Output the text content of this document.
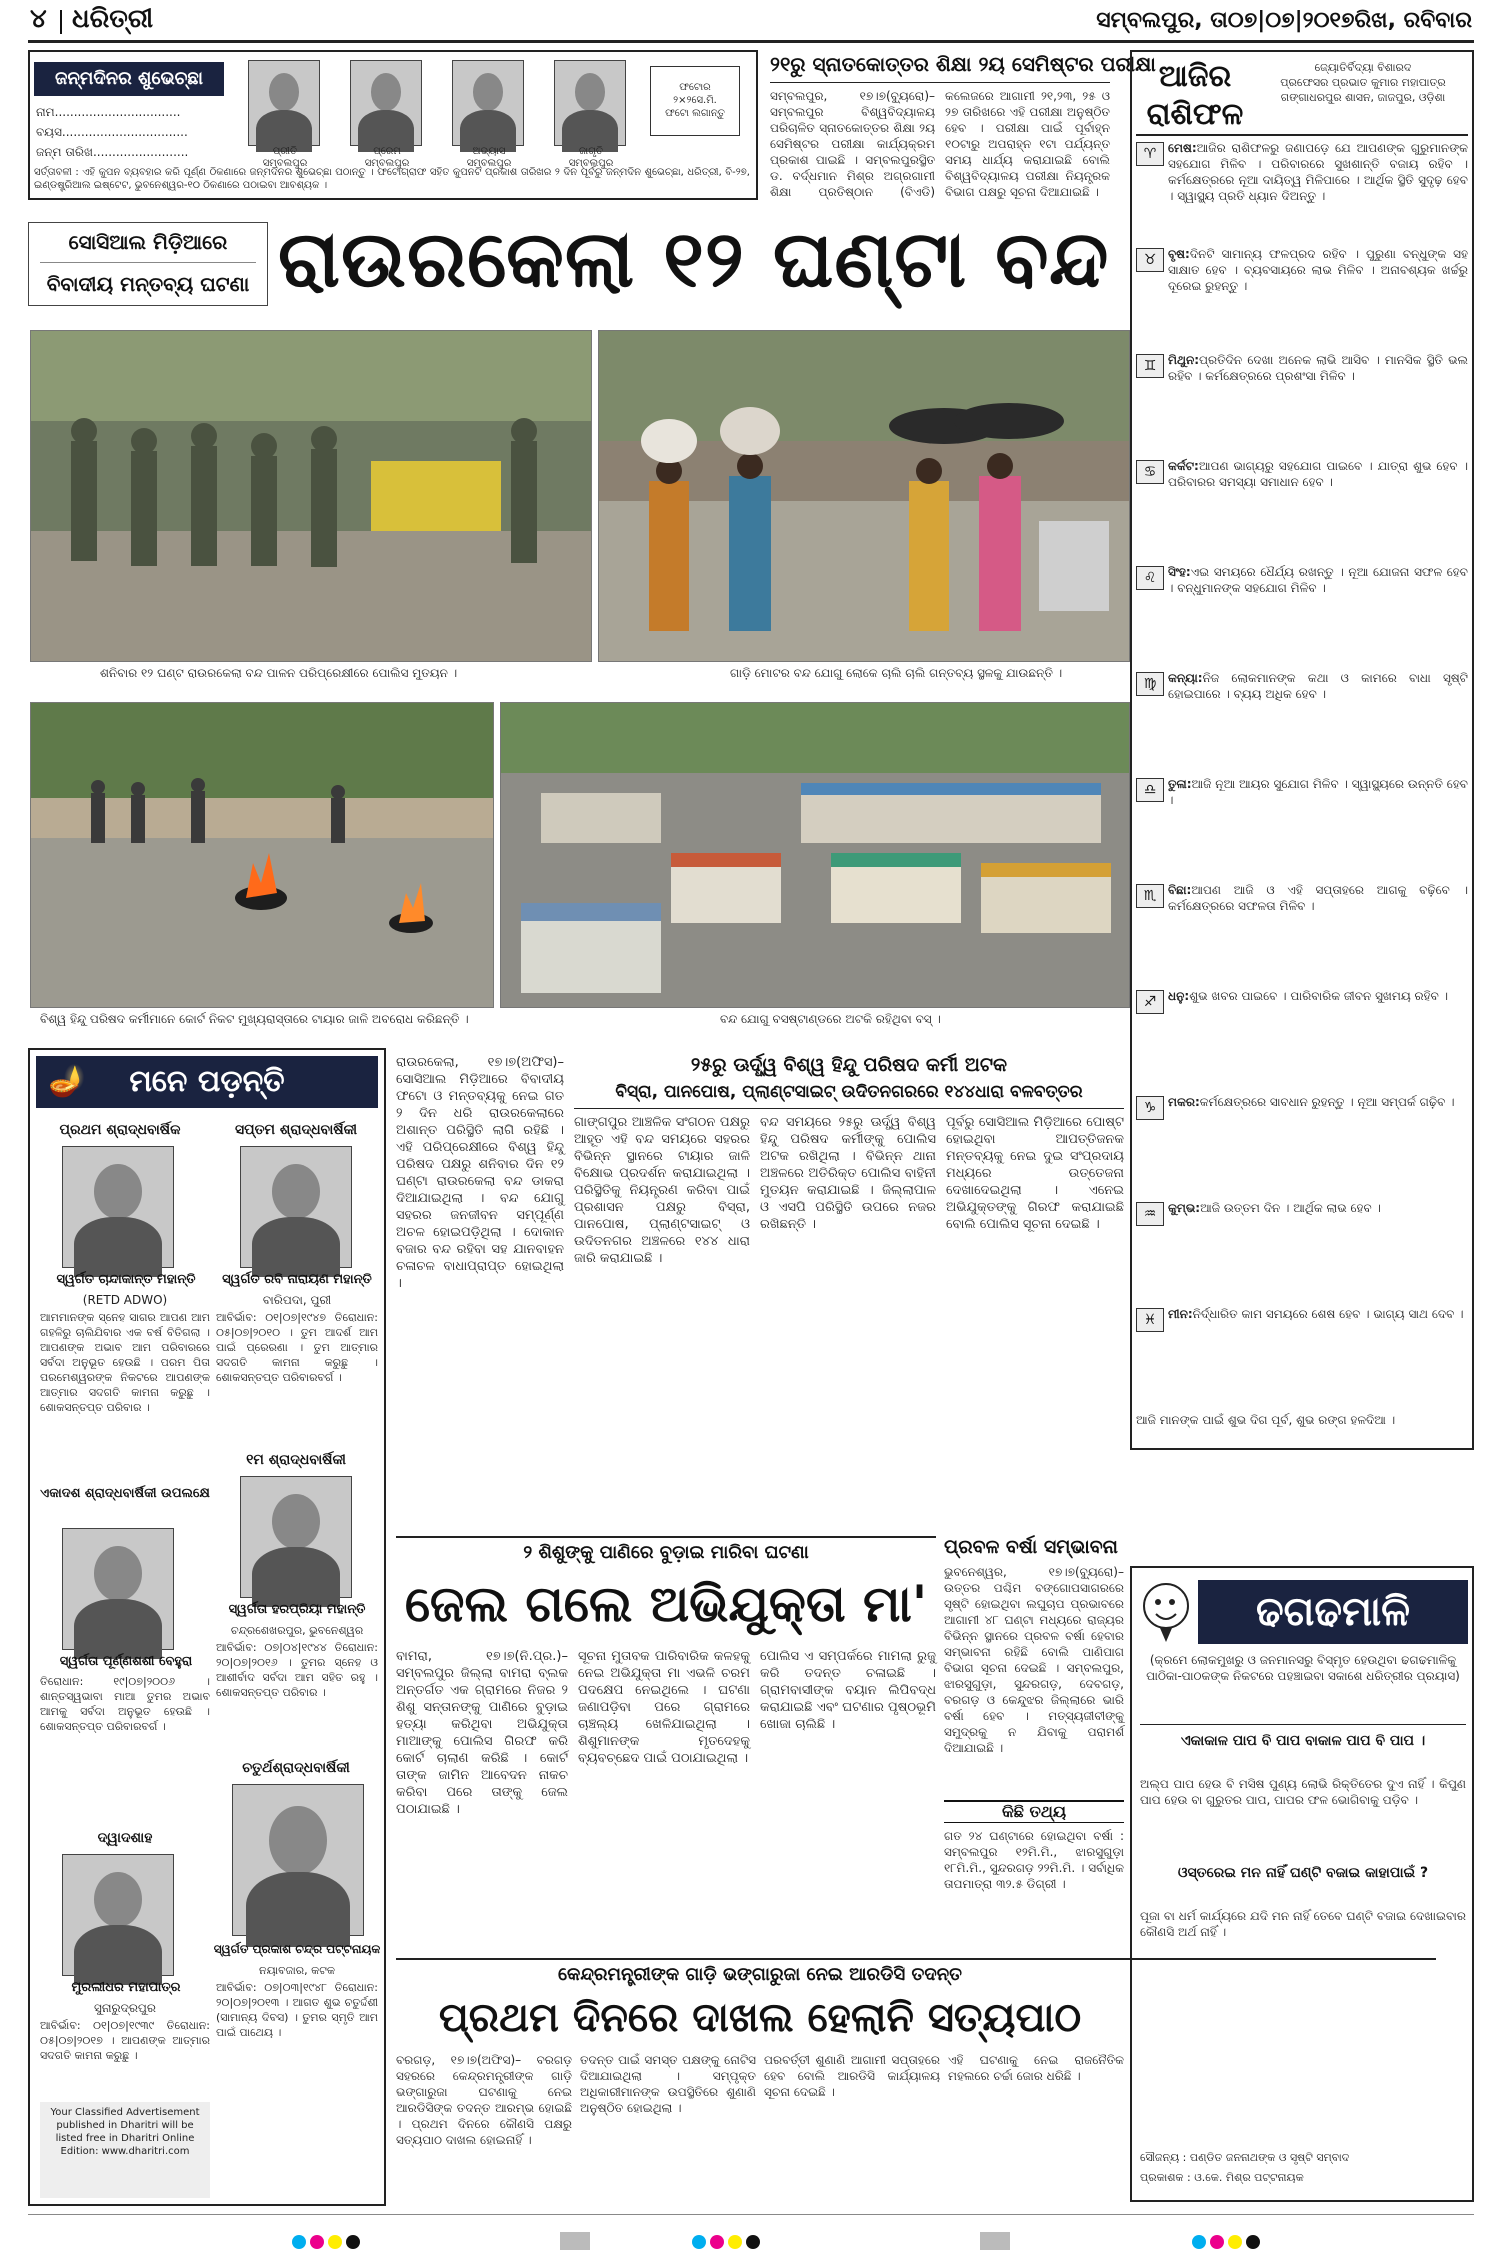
୪ ଧରିତ୍ରୀ	ସମ୍ବଲପୁର, ତା୦୭|୦୭|୨୦୧୭ରିଖ, ରବିବାର
ଜନ୍ମଦିନର ଶୁଭେଚ୍ଛା
ନାମ.................................
ବୟସ.................................
ଜନ୍ମ ତାରିଖ.........................	ପ୍ରୀତି
ସମ୍ବଲପୁର
ପ୍ରେମ
ସମ୍ବଲପୁର
ଅଭ୍ୟାସ
ସମ୍ବଲପୁର
ଜାଗୃତି
ସମ୍ବଲପୁର
ଫଟୋର
୨×୨ସେ.ମି.
ଫଟୋ ଲଗାନ୍ତୁ
ସର୍ତ୍ତାବଳୀ : ଏହି କୁପନ ବ୍ୟବହାର କରି ପୂର୍ଣ୍ଣ ଠିକଣାରେ ଜନ୍ମଦିନର ଶୁଭେଚ୍ଛା ପଠାନ୍ତୁ । ଫଟୋଗ୍ରାଫ ସହିତ କୁପନଟି ପ୍ରକାଶ ତାରିଖର ୨ ଦିନ ପୂର୍ବରୁ ଜନ୍ମଦିନ ଶୁଭେଚ୍ଛା, ଧରିତ୍ରୀ, ବି-୨୭, ଇଣ୍ଡଷ୍ଟ୍ରିଆଲ ଇଷ୍ଟେଟ, ଭୁବନେଶ୍ୱର-୧୦ ଠିକଣାରେ ପଠାଇବା ଆବଶ୍ୟକ ।
୨୧ରୁ ସ୍ନାତକୋତ୍ତର ଶିକ୍ଷା ୨ୟ ସେମିଷ୍ଟର ପରୀକ୍ଷା
ସମ୍ବଲପୁର, ୧୭।୭(ବ୍ୟୁରୋ)– ସମ୍ବଲପୁର ବିଶ୍ୱବିଦ୍ୟାଳୟ ପରିଚାଳିତ ସ୍ନାତକୋତ୍ତର ଶିକ୍ଷା ୨ୟ ସେମିଷ୍ଟର ପରୀକ୍ଷା କାର୍ଯ୍ୟକ୍ରମ ପ୍ରକାଶ ପାଇଛି । ସମ୍ବଲପୁରସ୍ଥିତ ଡ. ବର୍ଦ୍ଧମାନ ମିଶ୍ର ଅଗ୍ରଗାମୀ ଶିକ୍ଷା ପ୍ରତିଷ୍ଠାନ (ବିଏଡି) କଲେଜରେ ଆଗାମୀ ୨୧,୨୩, ୨୫ ଓ ୨୭ ତାରିଖରେ ଏହି ପରୀକ୍ଷା ଅନୁଷ୍ଠିତ ହେବ । ପରୀକ୍ଷା ପାଇଁ ପୂର୍ବାହ୍ନ ୧୦ଟାରୁ ଅପରାହ୍ନ ୧ଟା ପର୍ଯ୍ୟନ୍ତ ସମୟ ଧାର୍ଯ୍ୟ କରାଯାଇଛି ବୋଲି ବିଶ୍ୱବିଦ୍ୟାଳୟ ପରୀକ୍ଷା ନିୟନ୍ତ୍ରକ ବିଭାଗ ପକ୍ଷରୁ ସୂଚନା ଦିଆଯାଇଛି ।
ସୋସିଆଲ ମିଡ଼ିଆରେ
ବିବାଦୀୟ ମନ୍ତବ୍ୟ ଘଟଣା ରାଉରକେଲା ୧୨ ଘଣ୍ଟା ବନ୍ଦ
ଶନିବାର ୧୨ ଘଣ୍ଟ ରାଉରକେଲା ବନ୍ଦ ପାଳନ ପରିପ୍ରେକ୍ଷୀରେ ପୋଲିସ ମୁତୟନ ।	ଗାଡ଼ି ମୋଟର ବନ୍ଦ ଯୋଗୁ ଲୋକେ ଚାଲି ଚାଲି ଗନ୍ତବ୍ୟ ସ୍ଥଳକୁ ଯାଉଛନ୍ତି ।
ବିଶ୍ୱ ହିନ୍ଦୁ ପରିଷଦ କର୍ମୀମାନେ କୋର୍ଟ ନିକଟ ମୁଖ୍ୟରାସ୍ତାରେ ଟାୟାର ଜାଳି ଅବରୋଧ କରିଛନ୍ତି ।	ବନ୍ଦ ଯୋଗୁ ବସଷ୍ଟାଣ୍ଡରେ ଅଟକି ରହିଥିବା ବସ୍ ।
ଆଜିର ରାଶିଫଳ
ଜ୍ୟୋତିର୍ବିଦ୍ୟା ବିଶାରଦ
ପ୍ରଫେସର ପ୍ରଭାତ କୁମାର ମହାପାତ୍ର
ଗଙ୍ଗାଧରପୁର ଶାସନ, ଜାଜପୁର, ଓଡ଼ିଶା
♈ ମେଷ:ଆଜିର ରାଶିଫଳରୁ ଜଣାପଡ଼େ ଯେ ଆପଣଙ୍କ ଗୁରୁମାନଙ୍କ ସହଯୋଗ ମିଳିବ । ପରିବାରରେ ସୁଖଶାନ୍ତି ବଜାୟ ରହିବ । କର୍ମକ୍ଷେତ୍ରରେ ନୂଆ ଦାୟିତ୍ୱ ମିଳିପାରେ । ଆର୍ଥିକ ସ୍ଥିତି ସୁଦୃଢ଼ ହେବ । ସ୍ୱାସ୍ଥ୍ୟ ପ୍ରତି ଧ୍ୟାନ ଦିଅନ୍ତୁ ।
♉ ବୃଷ:ଦିନଟି ସାମାନ୍ୟ ଫଳପ୍ରଦ ରହିବ । ପୁରୁଣା ବନ୍ଧୁଙ୍କ ସହ ସାକ୍ଷାତ ହେବ । ବ୍ୟବସାୟରେ ଲାଭ ମିଳିବ । ଅନାବଶ୍ୟକ ଖର୍ଚ୍ଚରୁ ଦୂରେଇ ରୁହନ୍ତୁ ।
♊ ମିଥୁନ:ପ୍ରତିଦିନ ଦେଖା ଅନେକ ଲାଭି ଆସିବ । ମାନସିକ ସ୍ଥିତି ଭଲ ରହିବ । କର୍ମକ୍ଷେତ୍ରରେ ପ୍ରଶଂସା ମିଳିବ ।
♋ କର୍କଟ:ଆପଣ ଭାଗ୍ୟରୁ ସହଯୋଗ ପାଇବେ । ଯାତ୍ରା ଶୁଭ ହେବ । ପରିବାରର ସମସ୍ୟା ସମାଧାନ ହେବ ।
♌ ସିଂହ:ଏଇ ସମୟରେ ଧୈର୍ଯ୍ୟ ରଖନ୍ତୁ । ନୂଆ ଯୋଜନା ସଫଳ ହେବ । ବନ୍ଧୁମାନଙ୍କ ସହଯୋଗ ମିଳିବ ।
♍ କନ୍ୟା:ନିଜ ଲୋକମାନଙ୍କ କଥା ଓ କାମରେ ବାଧା ସୃଷ୍ଟି ହୋଇପାରେ । ବ୍ୟୟ ଅଧିକ ହେବ ।
♎ ତୁଳା:ଆଜି ନୂଆ ଆୟର ସୁଯୋଗ ମିଳିବ । ସ୍ୱାସ୍ଥ୍ୟରେ ଉନ୍ନତି ହେବ ।
♏ ବିଛା:ଆପଣ ଆଜି ଓ ଏହି ସପ୍ତାହରେ ଆଗକୁ ବଢ଼ିବେ । କର୍ମକ୍ଷେତ୍ରରେ ସଫଳତା ମିଳିବ ।
♐ ଧନୁ:ଶୁଭ ଖବର ପାଇବେ । ପାରିବାରିକ ଜୀବନ ସୁଖମୟ ରହିବ ।
♑ ମକର:କର୍ମକ୍ଷେତ୍ରରେ ସାବଧାନ ରୁହନ୍ତୁ । ନୂଆ ସମ୍ପର୍କ ଗଢ଼ିବ ।
♒ କୁମ୍ଭ:ଆଜି ଉତ୍ତମ ଦିନ । ଆର୍ଥିକ ଲାଭ ହେବ ।
♓ ମୀନ:ନିର୍ଦ୍ଧାରିତ କାମ ସମୟରେ ଶେଷ ହେବ । ଭାଗ୍ୟ ସାଥ ଦେବ ।
ଆଜି ମାନଙ୍କ ପାଇଁ ଶୁଭ ଦିଗ ପୂର୍ବ, ଶୁଭ ରଙ୍ଗ ହଳଦିଆ ।
🪔 ମନେ ପଡ଼ନ୍ତି
ପ୍ରଥମ ଶ୍ରାଦ୍ଧବାର୍ଷିକ
ସ୍ୱର୍ଗତ ଚାନ୍ଦାକାନ୍ତ ମହାନ୍ତି
(RETD ADWO)
ଆମମାନଙ୍କ ସ୍ନେହ ସାଗର ଆପଣ ଆମ ଗହଳିରୁ ଚାଲିଯିବାର ଏକ ବର୍ଷ ବିତିଗଲା । ଆପଣଙ୍କ ଅଭାବ ଆମ ପରିବାରରେ ସର୍ବଦା ଅନୁଭୂତ ହେଉଛି । ପରମ ପିତା ପରମେଶ୍ୱରଙ୍କ ନିକଟରେ ଆପଣଙ୍କ ଆତ୍ମାର ସଦଗତି କାମନା କରୁଛୁ । ଶୋକସନ୍ତପ୍ତ ପରିବାର ।
ସପ୍ତମ ଶ୍ରାଦ୍ଧବାର୍ଷିକୀ
ସ୍ୱର୍ଗତ ରବି ନାରାୟଣ ମହାନ୍ତି
ବାରିପଦା, ପୁରୀ
ଆବିର୍ଭାବ: ୦୧|୦୭|୧୯୪୭ ତିରୋଧାନ: ୦୫|୦୭|୨୦୧୦ । ତୁମ ଆଦର୍ଶ ଆମ ପାଇଁ ପ୍ରେରଣା । ତୁମ ଆତ୍ମାର ସଦଗତି କାମନା କରୁଛୁ । ଶୋକସନ୍ତପ୍ତ ପରିବାରବର୍ଗ ।
ଏକାଦଶ ଶ୍ରାଦ୍ଧବାର୍ଷିକୀ ଉପଲକ୍ଷେ
ସ୍ୱର୍ଗତା ପୂର୍ଣ୍ଣଶଶୀ ବେହୁରା
ତିରୋଧାନ: ୧୯|୦୭|୨୦୦୬ । ଶାନ୍ତସ୍ୱଭାବା ମାଆ ତୁମର ଅଭାବ ଆମକୁ ସର୍ବଦା ଅନୁଭୂତ ହେଉଛି । ଶୋକସନ୍ତପ୍ତ ପରିବାରବର୍ଗ ।
୧ମ ଶ୍ରାଦ୍ଧବାର୍ଷିକୀ
ସ୍ୱର୍ଗତା ହରପ୍ରିୟା ମହାନ୍ତି
ଚନ୍ଦ୍ରଶେଖରପୁର, ଭୁବନେଶ୍ୱର
ଆବିର୍ଭାବ: ୦୭|୦୪|୧୯୪୪ ତିରୋଧାନ: ୨୦|୦୭|୨୦୧୬ । ତୁମର ସ୍ନେହ ଓ ଆଶୀର୍ବାଦ ସର୍ବଦା ଆମ ସହିତ ରହୁ । ଶୋକସନ୍ତପ୍ତ ପରିବାର ।
ଦ୍ୱାଦଶାହ
ମୁରଲୀଧର ମହାପାତ୍ର
ସୁନାରୁଦ୍ରପୁର
ଆବିର୍ଭାବ: ୦୧|୦୭|୧୯୩୯ ତିରୋଧାନ: ୦୫|୦୭|୨୦୧୭ । ଆପଣଙ୍କ ଆତ୍ମାର ସଦଗତି କାମନା କରୁଛୁ ।
ଚତୁର୍ଥଶ୍ରାଦ୍ଧବାର୍ଷିକୀ
ସ୍ୱର୍ଗତ ପ୍ରକାଶ ଚନ୍ଦ୍ର ପଟ୍ଟନାୟକ
ନୟାବଜାର, କଟକ
ଆବିର୍ଭାବ: ୦୭|୦୩|୧୯୪୮ ତିରୋଧାନ: ୨୦|୦୭|୨୦୧୩ । ଆଗତ ଶୁଭ ଚତୁର୍ଦ୍ଦଶୀ (ସାମାନ୍ୟ ଦିବସ) । ତୁମର ସ୍ମୃତି ଆମ ପାଇଁ ପାଥେୟ ।
Your Classified Advertisement published in Dharitri will be listed free in Dharitri Online Edition: www.dharitri.com
ରାଉରକେଲା, ୧୭।୭(ଅଫିସ)– ସୋସିଆଲ ମିଡ଼ିଆରେ ବିବାଦୀୟ ଫଟୋ ଓ ମନ୍ତବ୍ୟକୁ ନେଇ ଗତ ୨ ଦିନ ଧରି ରାଉରକେଲାରେ ଅଶାନ୍ତ ପରିସ୍ଥିତି ଲାଗି ରହିଛି । ଏହି ପରିପ୍ରେକ୍ଷୀରେ ବିଶ୍ୱ ହିନ୍ଦୁ ପରିଷଦ ପକ୍ଷରୁ ଶନିବାର ଦିନ ୧୨ ଘଣ୍ଟା ରାଉରକେଲା ବନ୍ଦ ଡାକରା ଦିଆଯାଇଥିଲା । ବନ୍ଦ ଯୋଗୁ ସହରର ଜନଜୀବନ ସମ୍ପୂର୍ଣ୍ଣ ଅଚଳ ହୋଇପଡ଼ିଥିଲା । ଦୋକାନ ବଜାର ବନ୍ଦ ରହିବା ସହ ଯାନବାହନ ଚଳାଚଳ ବାଧାପ୍ରାପ୍ତ ହୋଇଥିଲା ।
୨୫ରୁ ଊର୍ଦ୍ଧ୍ୱ ବିଶ୍ୱ ହିନ୍ଦୁ ପରିଷଦ କର୍ମୀ ଅଟକ
ବିସ୍ରା, ପାନପୋଷ, ପ୍ଲାଣ୍ଟସାଇଟ୍ ଉଦିତନଗରରେ ୧୪୪ଧାରା ବଳବତ୍ତର
ଗାଙ୍ଗପୁର ଆଞ୍ଚଳିକ ସଂଗଠନ ପକ୍ଷରୁ ଆହୂତ ଏହି ବନ୍ଦ ସମୟରେ ସହରର ବିଭିନ୍ନ ସ୍ଥାନରେ ଟାୟାର ଜାଳି ବିକ୍ଷୋଭ ପ୍ରଦର୍ଶନ କରାଯାଇଥିଲା । ପରିସ୍ଥିତିକୁ ନିୟନ୍ତ୍ରଣ କରିବା ପାଇଁ ପ୍ରଶାସନ ପକ୍ଷରୁ ବିସ୍ରା, ପାନପୋଷ, ପ୍ଲାଣ୍ଟସାଇଟ୍ ଓ ଉଦିତନଗର ଅଞ୍ଚଳରେ ୧୪୪ ଧାରା ଜାରି କରାଯାଇଛି ।
ବନ୍ଦ ସମୟରେ ୨୫ରୁ ଊର୍ଦ୍ଧ୍ୱ ବିଶ୍ୱ ହିନ୍ଦୁ ପରିଷଦ କର୍ମୀଙ୍କୁ ପୋଲିସ ଅଟକ ରଖିଥିଲା । ବିଭିନ୍ନ ଥାନା ଅଞ୍ଚଳରେ ଅତିରିକ୍ତ ପୋଲିସ ବାହିନୀ ମୁତୟନ କରାଯାଇଛି । ଜିଲ୍ଲାପାଳ ଓ ଏସପି ପରିସ୍ଥିତି ଉପରେ ନଜର ରଖିଛନ୍ତି ।
ପୂର୍ବରୁ ସୋସିଆଲ ମିଡ଼ିଆରେ ପୋଷ୍ଟ ହୋଇଥିବା ଆପତ୍ତିଜନକ ମନ୍ତବ୍ୟକୁ ନେଇ ଦୁଇ ସଂପ୍ରଦାୟ ମଧ୍ୟରେ ଉତ୍ତେଜନା ଦେଖାଦେଇଥିଲା । ଏନେଇ ଅଭିଯୁକ୍ତଙ୍କୁ ଗିରଫ କରାଯାଇଛି ବୋଲି ପୋଲିସ ସୂଚନା ଦେଇଛି ।
୨ ଶିଶୁଙ୍କୁ ପାଣିରେ ବୁଡ଼ାଇ ମାରିବା ଘଟଣା
ଜେଲ ଗଲେ ଅଭିଯୁକ୍ତା ମା'
ବାମରା, ୧୭।୭(ନି.ପ୍ର.)– ସମ୍ବଲପୁର ଜିଲ୍ଲା ବାମରା ବ୍ଲକ ଅନ୍ତର୍ଗତ ଏକ ଗ୍ରାମରେ ନିଜର ୨ ଶିଶୁ ସନ୍ତାନଙ୍କୁ ପାଣିରେ ବୁଡ଼ାଇ ହତ୍ୟା କରିଥିବା ଅଭିଯୁକ୍ତା ମାଆଙ୍କୁ ପୋଲିସ ଗିରଫ କରି କୋର୍ଟ ଚାଲାଣ କରିଛି । କୋର୍ଟ ତାଙ୍କ ଜାମିନ ଆବେଦନ ନାକଚ କରିବା ପରେ ତାଙ୍କୁ ଜେଲ ପଠାଯାଇଛି ।
ସୂଚନା ମୁତାବକ ପାରିବାରିକ କଳହକୁ ନେଇ ଅଭିଯୁକ୍ତା ମା ଏଭଳି ଚରମ ପଦକ୍ଷେପ ନେଇଥିଲେ । ଘଟଣା ଜଣାପଡ଼ିବା ପରେ ଗ୍ରାମରେ ଚାଞ୍ଚଲ୍ୟ ଖେଳିଯାଇଥିଲା । ଶିଶୁମାନଙ୍କ ମୃତଦେହକୁ ବ୍ୟବଚ୍ଛେଦ ପାଇଁ ପଠାଯାଇଥିଲା ।
ପୋଲିସ ଏ ସମ୍ପର୍କରେ ମାମଲା ରୁଜୁ କରି ତଦନ୍ତ ଚଳାଇଛି । ଗ୍ରାମବାସୀଙ୍କ ବୟାନ ଲିପିବଦ୍ଧ କରାଯାଇଛି ଏବଂ ଘଟଣାର ପୃଷ୍ଠଭୂମି ଖୋଜା ଚାଲିଛି ।
ପ୍ରବଳ ବର୍ଷା ସମ୍ଭାବନା
ଭୁବନେଶ୍ୱର, ୧୭।୭(ବ୍ୟୁରୋ)– ଉତ୍ତର ପଶ୍ଚିମ ବଙ୍ଗୋପସାଗରରେ ସୃଷ୍ଟି ହୋଇଥିବା ଲଘୁଚାପ ପ୍ରଭାବରେ ଆଗାମୀ ୪୮ ଘଣ୍ଟା ମଧ୍ୟରେ ରାଜ୍ୟର ବିଭିନ୍ନ ସ୍ଥାନରେ ପ୍ରବଳ ବର୍ଷା ହେବାର ସମ୍ଭାବନା ରହିଛି ବୋଲି ପାଣିପାଗ ବିଭାଗ ସୂଚନା ଦେଇଛି । ସମ୍ବଲପୁର, ଝାରସୁଗୁଡ଼ା, ସୁନ୍ଦରଗଡ଼, ଦେବଗଡ଼, ବରଗଡ଼ ଓ କେନ୍ଦୁଝର ଜିଲ୍ଲାରେ ଭାରି ବର୍ଷା ହେବ । ମତ୍ସ୍ୟଜୀବୀଙ୍କୁ ସମୁଦ୍ରକୁ ନ ଯିବାକୁ ପରାମର୍ଶ ଦିଆଯାଇଛି ।
କିଛି ତଥ୍ୟ
ଗତ ୨୪ ଘଣ୍ଟାରେ ହୋଇଥିବା ବର୍ଷା : ସମ୍ବଲପୁର ୧୨ମି.ମି., ଝାରସୁଗୁଡ଼ା ୧୮ମି.ମି., ସୁନ୍ଦରଗଡ଼ ୨୨ମି.ମି. । ସର୍ବାଧିକ ତାପମାତ୍ରା ୩୨.୫ ଡିଗ୍ରୀ ।
କେନ୍ଦ୍ରମନ୍ତ୍ରୀଙ୍କ ଗାଡ଼ି ଭଙ୍ଗାରୁଜା ନେଇ ଆରଡିସି ତଦନ୍ତ
ପ୍ରଥମ ଦିନରେ ଦାଖଲ ହେଲାନି ସତ୍ୟପାଠ
ବରଗଡ଼, ୧୭।୭(ଅଫିସ)– ବରଗଡ଼ ସହରରେ କେନ୍ଦ୍ରମନ୍ତ୍ରୀଙ୍କ ଗାଡ଼ି ଭଙ୍ଗାରୁଜା ଘଟଣାକୁ ନେଇ ଆରଡିସିଙ୍କ ତଦନ୍ତ ଆରମ୍ଭ ହୋଇଛି । ପ୍ରଥମ ଦିନରେ କୌଣସି ପକ୍ଷରୁ ସତ୍ୟପାଠ ଦାଖଲ ହୋଇନାହିଁ ।
ତଦନ୍ତ ପାଇଁ ସମସ୍ତ ପକ୍ଷଙ୍କୁ ନୋଟିସ ଦିଆଯାଇଥିଲା । ସମ୍ପୃକ୍ତ ଅଧିକାରୀମାନଙ୍କ ଉପସ୍ଥିତିରେ ଶୁଣାଣି ଅନୁଷ୍ଠିତ ହୋଇଥିଲା ।
ପରବର୍ତ୍ତୀ ଶୁଣାଣି ଆଗାମୀ ସପ୍ତାହରେ ହେବ ବୋଲି ଆରଡିସି କାର୍ଯ୍ୟାଳୟ ସୂଚନା ଦେଇଛି ।
ଏହି ଘଟଣାକୁ ନେଇ ରାଜନୈତିକ ମହଲରେ ଚର୍ଚ୍ଚା ଜୋର ଧରିଛି ।
ଢଗଢମାଳି
(କ୍ରମେ ଲୋକମୁଖରୁ ଓ ଜନମାନସରୁ ବିସ୍ମୃତ ହେଉଥିବା ଢଗଢମାଳିକୁ ପାଠିକା-ପାଠକଙ୍କ ନିକଟରେ ପହଞ୍ଚାଇବା ସକାଶେ ଧରିତ୍ରୀର ପ୍ରୟାସ)
ଏକାକାଳ ପାପ ବି ପାପ ବାକାଳ ପାପ ବି ପାପ ।
ଅଲ୍ପ ପାପ ହେଉ ବି ମସିଷ ପୁଣ୍ୟ ଲୋଭି ରିକ୍ତିତେର ଦୁଏ ନାହିଁ । କିପୁଣ ପାପ ହେଉ ବା ଗୁରୁତର ପାପ, ପାପର ଫଳ ଭୋଗିବାକୁ ପଡ଼ିବ ।
ଓସ୍ତରେଇ ମନ ନାହିଁ ଘଣ୍ଟି ବଜାଇ କାହାପାଇଁ ?
ପୂଜା ବା ଧର୍ମ କାର୍ଯ୍ୟରେ ଯଦି ମନ ନାହିଁ ତେବେ ଘଣ୍ଟି ବଜାଇ ଦେଖାଇବାର କୌଣସି ଅର୍ଥ ନାହିଁ ।
ସୌଜନ୍ୟ : ପଣ୍ଡିତ ଜନନାଥଙ୍କ ଓ ସୃଷ୍ଟି ସମ୍ବାଦ
ପ୍ରକାଶକ : ଓ.କେ. ମିଶ୍ର ପଟ୍ଟନାୟକ
